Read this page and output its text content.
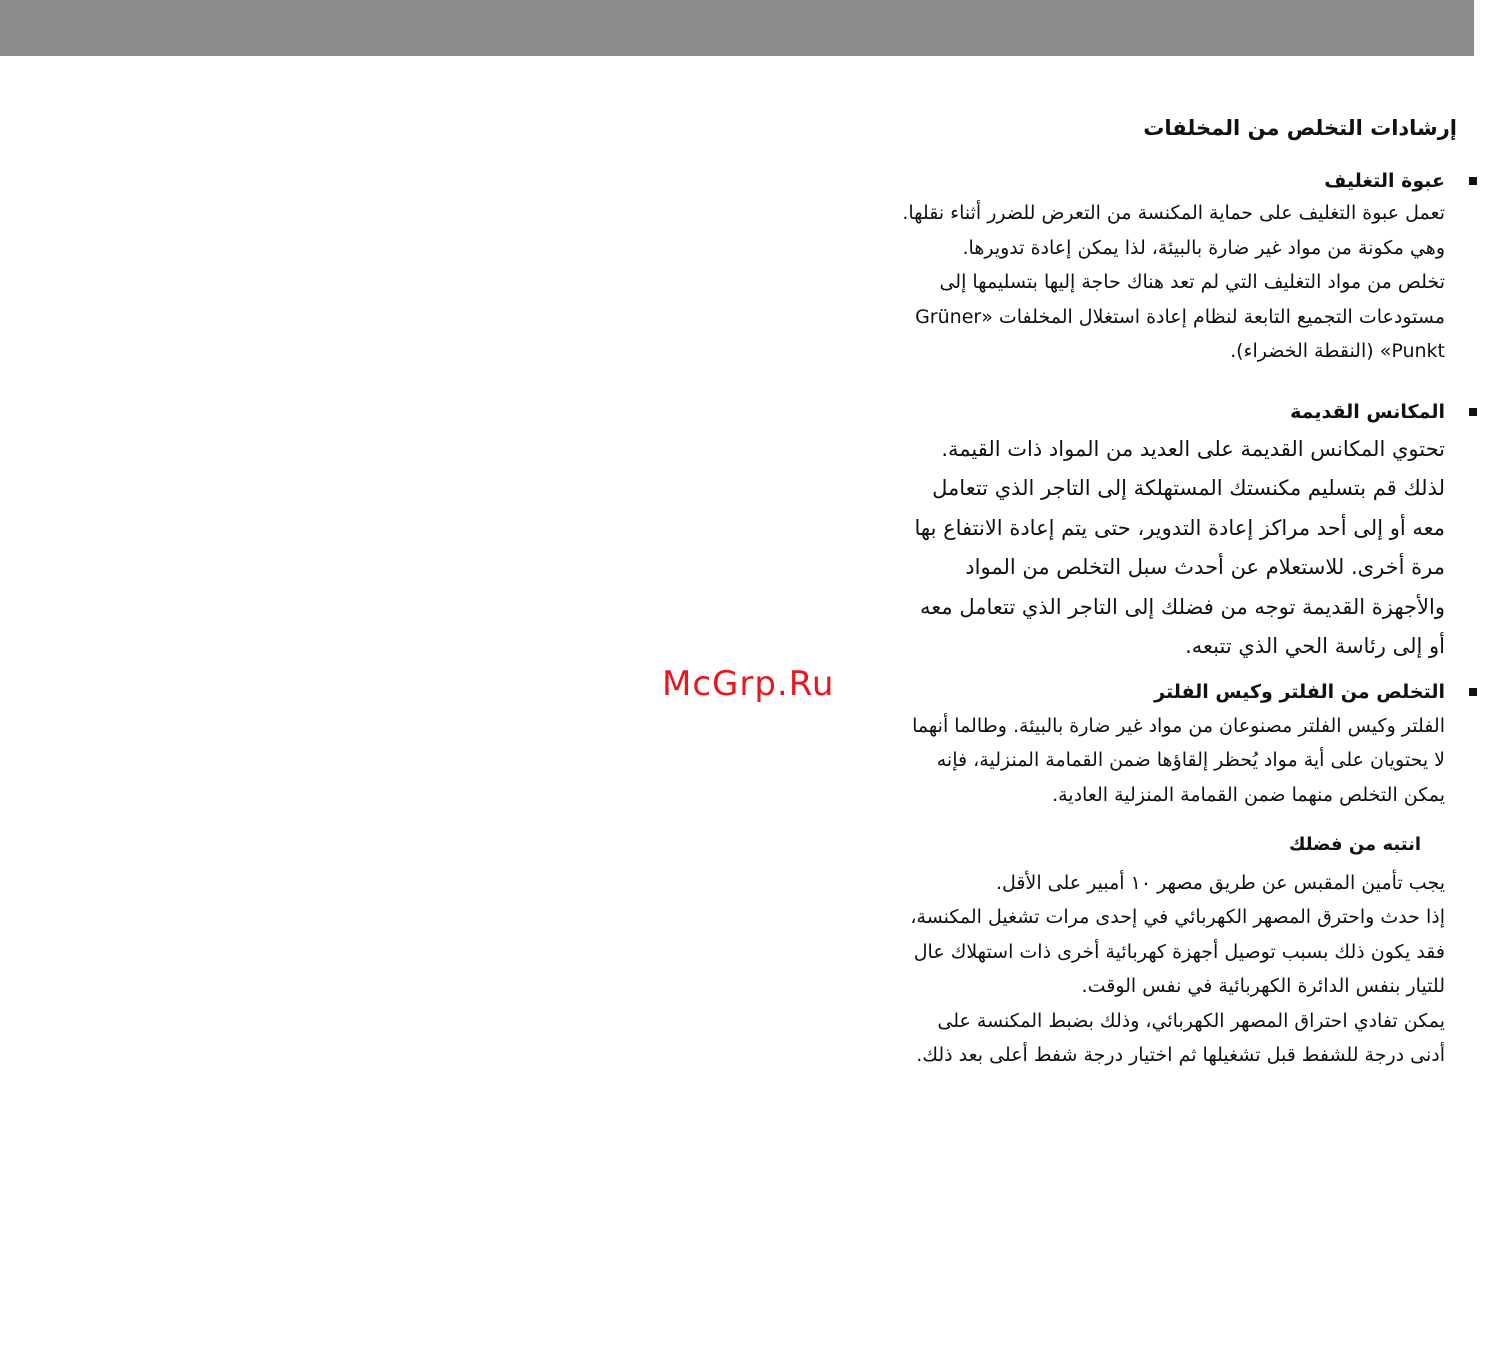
McGrp.Ru
إرشادات التخلص من المخلفات
عبوة التغليف

تعمل عبوة التغليف على حماية المكنسة من التعرض للضرر أثناء نقلها. وهي مكونة من مواد غير ضارة بالبيئة، لذا يمكن إعادة تدويرها.

تخلص من مواد التغليف التي لم تعد هناك حاجة إليها بتسليمها إلى مستودعات التجميع التابعة لنظام إعادة استغلال المخلفات «Grüner Punkt» (النقطة الخضراء).

المكانس القديمة

تحتوي المكانس القديمة على العديد من المواد ذات القيمة. لذلك قم بتسليم مكنستك المستهلكة إلى التاجر الذي تتعامل معه أو إلى أحد مراكز إعادة التدوير، حتى يتم إعادة الانتفاع بها مرة أخرى. للاستعلام عن أحدث سبل التخلص من المواد والأجهزة القديمة توجه من فضلك إلى التاجر الذي تتعامل معه أو إلى رئاسة الحي الذي تتبعه.

التخلص من الفلتر وكيس الفلتر

الفلتر وكيس الفلتر مصنوعان من مواد غير ضارة بالبيئة. وطالما أنهما لا يحتويان على أية مواد يُحظر إلقاؤها ضمن القمامة المنزلية، فإنه يمكن التخلص منهما ضمن القمامة المنزلية العادية.

انتبه من فضلك

يجب تأمين المقبس عن طريق مصهر ١٠ أمبير على الأقل.

إذا حدث واحترق المصهر الكهربائي في إحدى مرات تشغيل المكنسة، فقد يكون ذلك بسبب توصيل أجهزة كهربائية أخرى ذات استهلاك عال للتيار بنفس الدائرة الكهربائية في نفس الوقت.

يمكن تفادي احتراق المصهر الكهربائي، وذلك بضبط المكنسة على أدنى درجة للشفط قبل تشغيلها ثم اختيار درجة شفط أعلى بعد ذلك.
